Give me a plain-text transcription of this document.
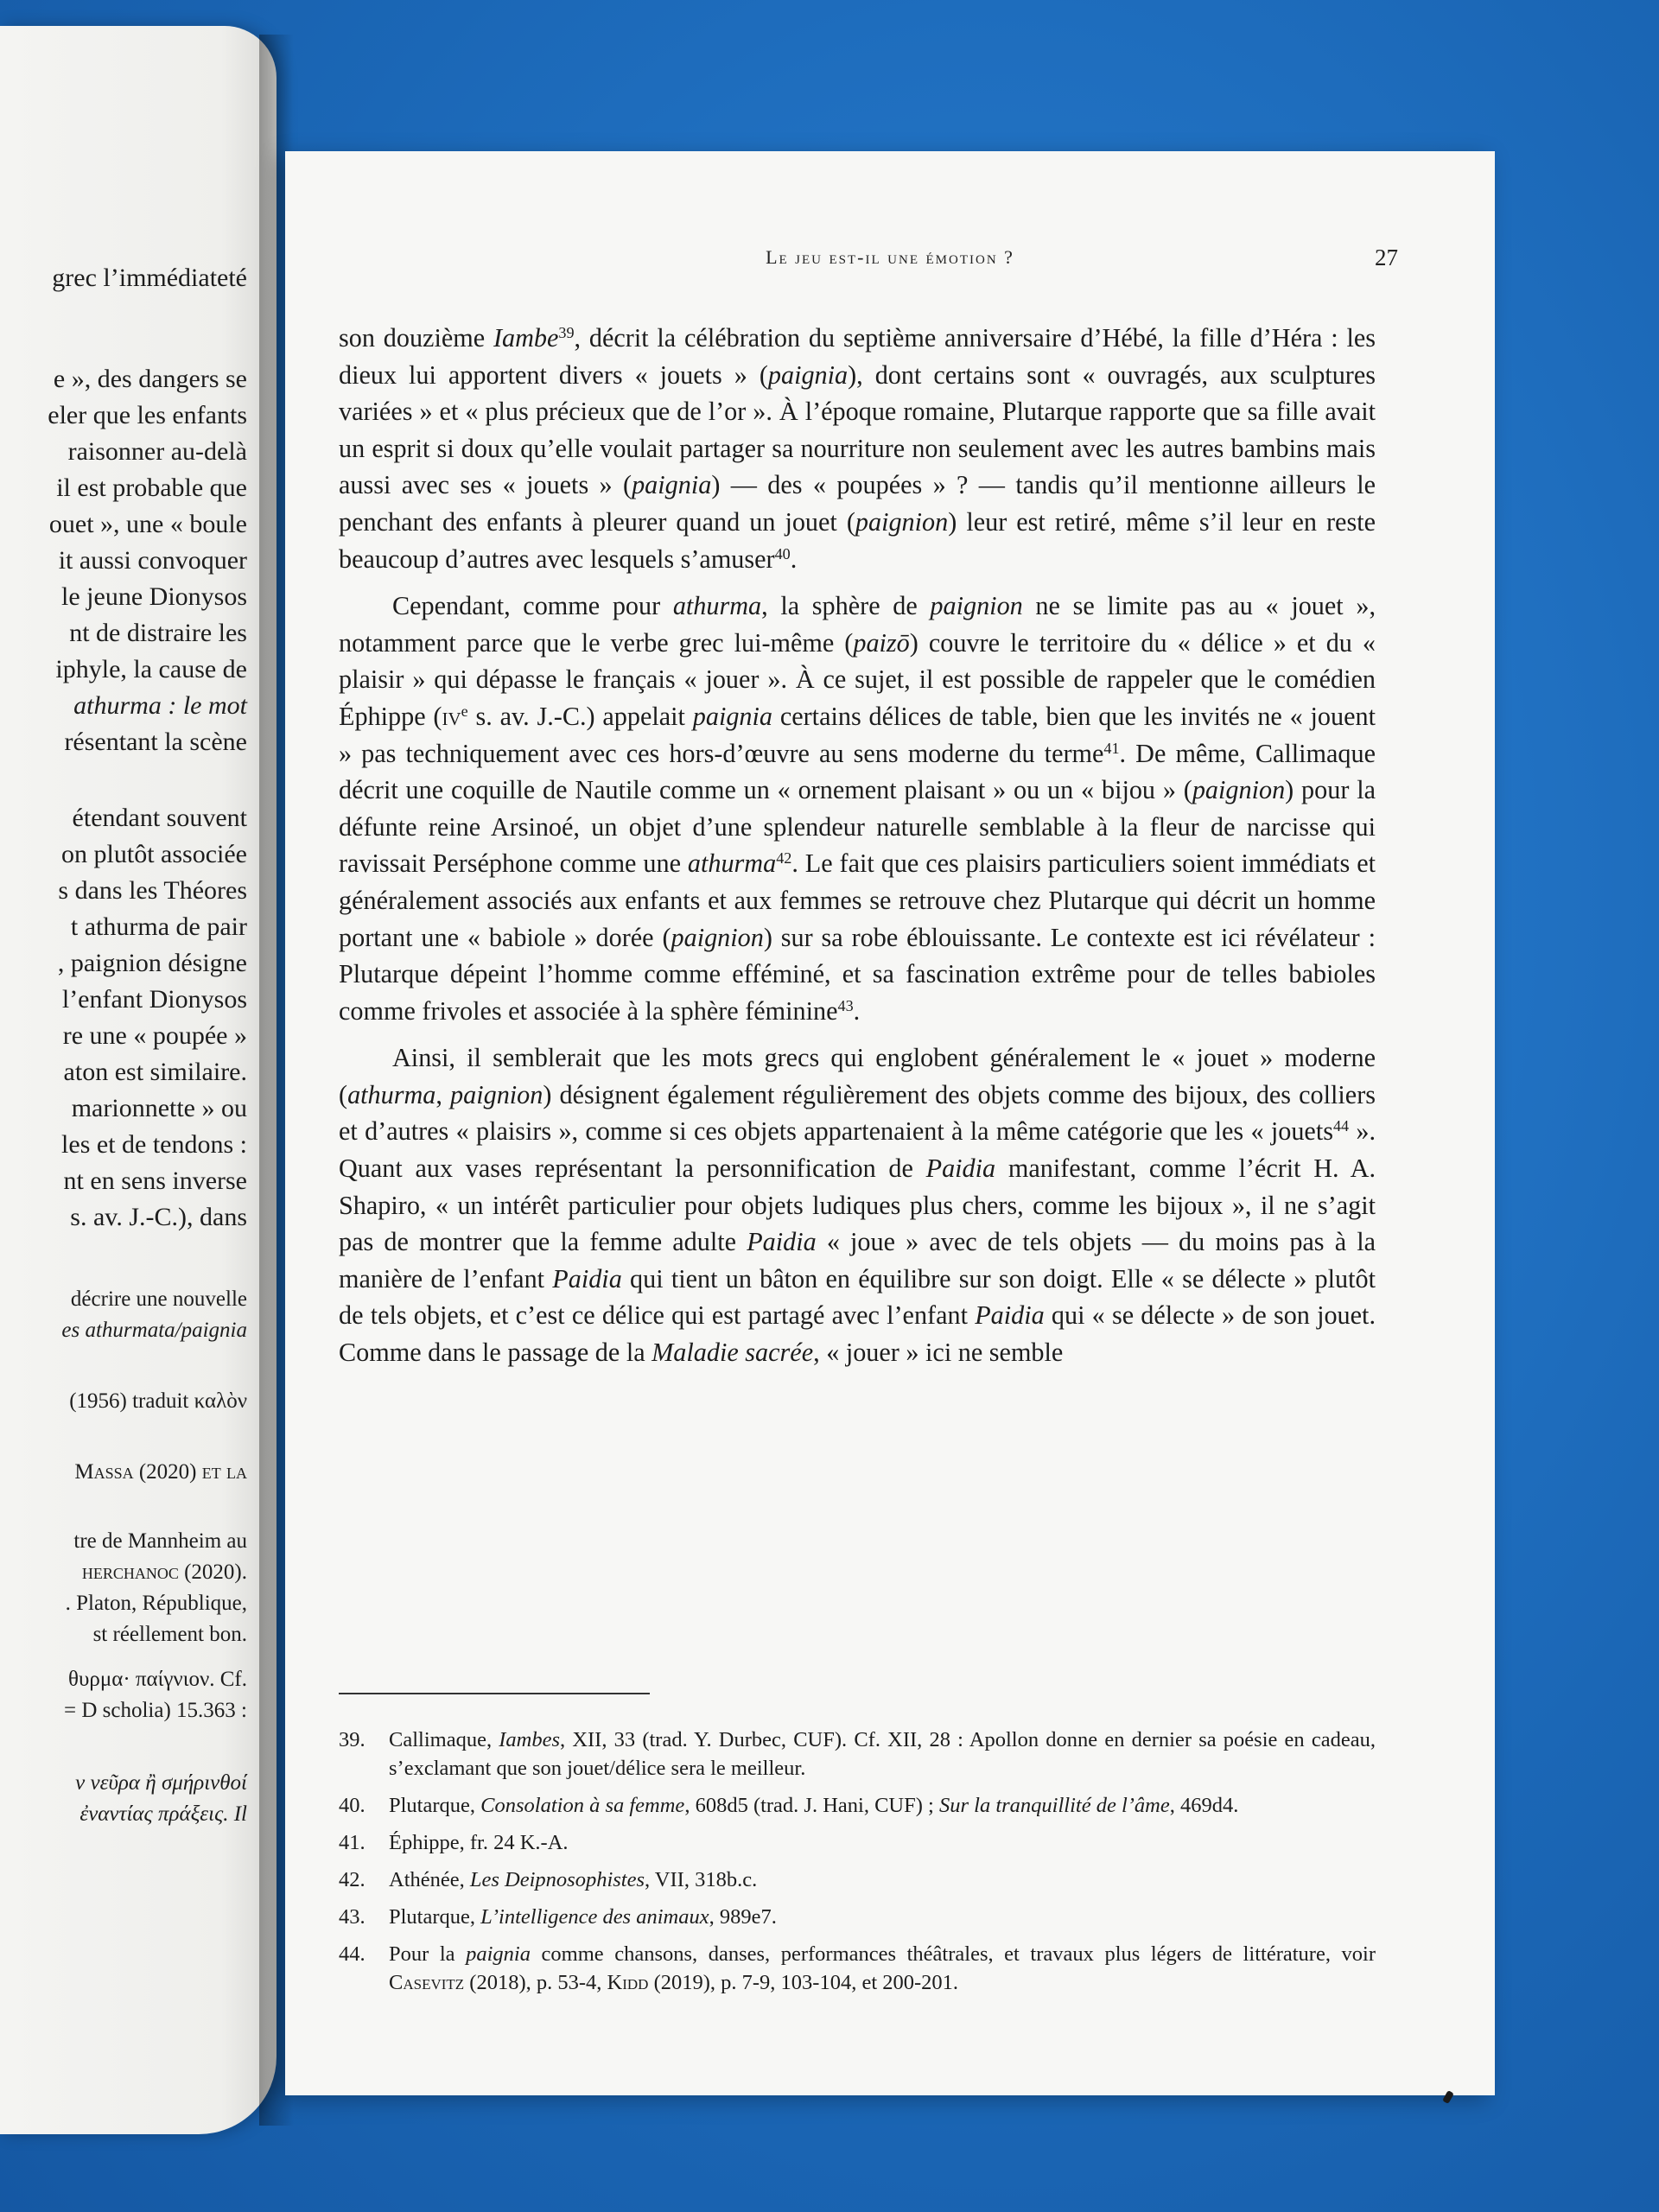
grec l’immédiateté
e », des dangers se
eler que les enfants
raisonner au-delà
il est probable que
ouet », une « boule
it aussi convoquer
le jeune Dionysos
nt de distraire les
iphyle, la cause de
athurma : le mot
résentant la scène
étendant souvent
on plutôt associée
s dans les Théores
t athurma de pair
, paignion désigne
l’enfant Dionysos
re une « poupée »
aton est similaire.
marionnette » ou
les et de tendons :
nt en sens inverse
s. av. J.-C.), dans
décrire une nouvelle
es athurmata/paignia
(1956) traduit καλὸν
Massa (2020) et la
tre de Mannheim au
herchanoc (2020).
. Platon, République,
st réellement bon.
θυρμα· παίγνιον. Cf.
= D scholia) 15.363 :
ν νεῦρα ἢ σμήρινθοί
ἐναντίας πράξεις. Il
Le jeu est-il une émotion ?	27

son douzième Iambe$^{39}$, décrit la célébration du septième anniversaire d’Hébé, la fille d’Héra : les dieux lui apportent divers « jouets » (paignia), dont certains sont « ouvragés, aux sculptures variées » et « plus précieux que de l’or ». À l’époque romaine, Plutarque rapporte que sa fille avait un esprit si doux qu’elle voulait partager sa nourriture non seulement avec les autres bambins mais aussi avec ses « jouets » (paignia) — des « poupées » ? — tandis qu’il mentionne ailleurs le penchant des enfants à pleurer quand un jouet (paignion) leur est retiré, même s’il leur en reste beaucoup d’autres avec lesquels s’amuser$^{40}$.

Cependant, comme pour athurma, la sphère de paignion ne se limite pas au « jouet », notamment parce que le verbe grec lui-même (paizō) couvre le territoire du « délice » et du « plaisir » qui dépasse le français « jouer ». À ce sujet, il est possible de rappeler que le comédien Éphippe ($iv^e$ s. av. J.-C.) appelait paignia certains délices de table, bien que les invités ne « jouent » pas techniquement avec ces hors-d’œuvre au sens moderne du terme$^{41}$. De même, Callimaque décrit une coquille de Nautile comme un « ornement plaisant » ou un « bijou » (paignion) pour la défunte reine Arsinoé, un objet d’une splendeur naturelle semblable à la fleur de narcisse qui ravissait Perséphone comme une athurma$^{42}$. Le fait que ces plaisirs particuliers soient immédiats et généralement associés aux enfants et aux femmes se retrouve chez Plutarque qui décrit un homme portant une « babiole » dorée (paignion) sur sa robe éblouissante. Le contexte est ici révélateur : Plutarque dépeint l’homme comme efféminé, et sa fascination extrême pour de telles babioles comme frivoles et associée à la sphère féminine$^{43}$.

Ainsi, il semblerait que les mots grecs qui englobent généralement le « jouet » moderne (athurma, paignion) désignent également régulièrement des objets comme des bijoux, des colliers et d’autres « plaisirs », comme si ces objets appartenaient à la même catégorie que les « jouets$^{44}$ ». Quant aux vases représentant la personnification de Paidia manifestant, comme l’écrit H. A. Shapiro, « un intérêt particulier pour objets ludiques plus chers, comme les bijoux », il ne s’agit pas de montrer que la femme adulte Paidia « joue » avec de tels objets — du moins pas à la manière de l’enfant Paidia qui tient un bâton en équilibre sur son doigt. Elle « se délecte » plutôt de tels objets, et c’est ce délice qui est partagé avec l’enfant Paidia qui « se délecte » de son jouet. Comme dans le passage de la Maladie sacrée, « jouer » ici ne semble

39.	Callimaque, Iambes, XII, 33 (trad. Y. Durbec, CUF). Cf. XII, 28 : Apollon donne en dernier sa poésie en cadeau, s’exclamant que son jouet/délice sera le meilleur.
40.	Plutarque, Consolation à sa femme, 608d5 (trad. J. Hani, CUF) ; Sur la tranquillité de l’âme, 469d4.
41.	Éphippe, fr. 24 K.-A.
42.	Athénée, Les Deipnosophistes, VII, 318b.c.
43.	Plutarque, L’intelligence des animaux, 989e7.
44.	Pour la paignia comme chansons, danses, performances théâtrales, et travaux plus légers de littérature, voir Casevitz (2018), p. 53-4, Kidd (2019), p. 7-9, 103-104, et 200-201.
